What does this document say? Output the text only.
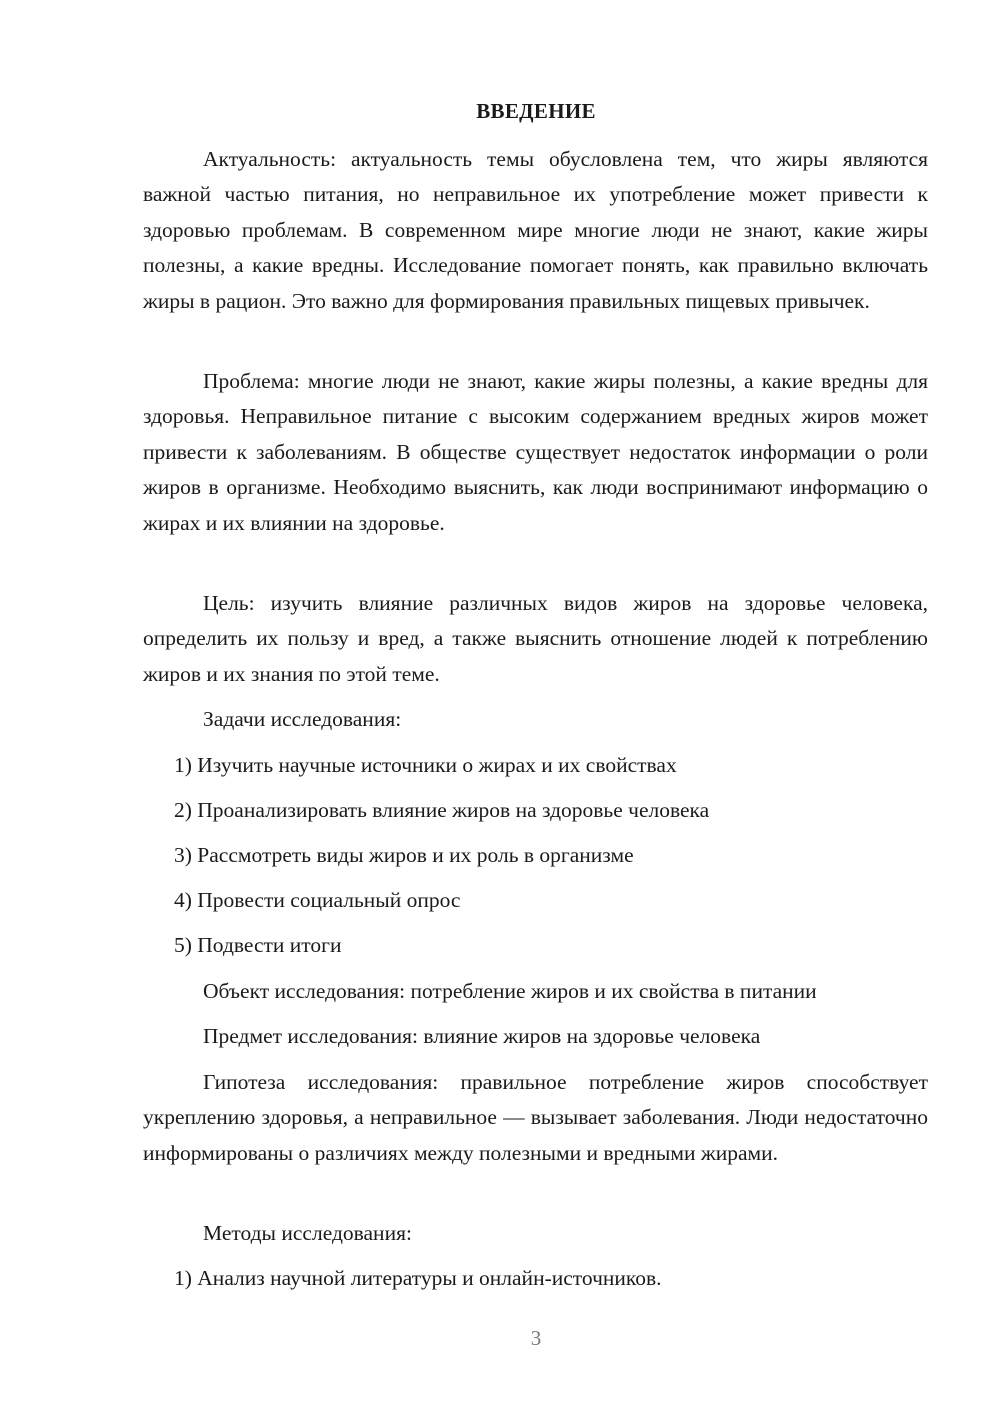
ВВЕДЕНИЕ
Актуальность: актуальность темы обусловлена тем, что жиры являются важной частью питания, но неправильное их употребление может привести к здоровью проблемам. В современном мире многие люди не знают, какие жиры полезны, а какие вредны. Исследование помогает понять, как правильно включать жиры в рацион. Это важно для формирования правильных пищевых привычек.
Проблема: многие люди не знают, какие жиры полезны, а какие вредны для здоровья. Неправильное питание с высоким содержанием вредных жиров может привести к заболеваниям. В обществе существует недостаток информации о роли жиров в организме. Необходимо выяснить, как люди воспринимают информацию о жирах и их влиянии на здоровье.
Цель: изучить влияние различных видов жиров на здоровье человека, определить их пользу и вред, а также выяснить отношение людей к потреблению жиров и их знания по этой теме.
Задачи исследования:
1) Изучить научные источники о жирах и их свойствах
2) Проанализировать влияние жиров на здоровье человека
3) Рассмотреть виды жиров и их роль в организме
4) Провести социальный опрос
5) Подвести итоги
Объект исследования: потребление жиров и их свойства в питании
Предмет исследования: влияние жиров на здоровье человека
Гипотеза исследования: правильное потребление жиров способствует укреплению здоровья, а неправильное — вызывает заболевания. Люди недостаточно информированы о различиях между полезными и вредными жирами.
Методы исследования:
1) Анализ научной литературы и онлайн-источников.
3
